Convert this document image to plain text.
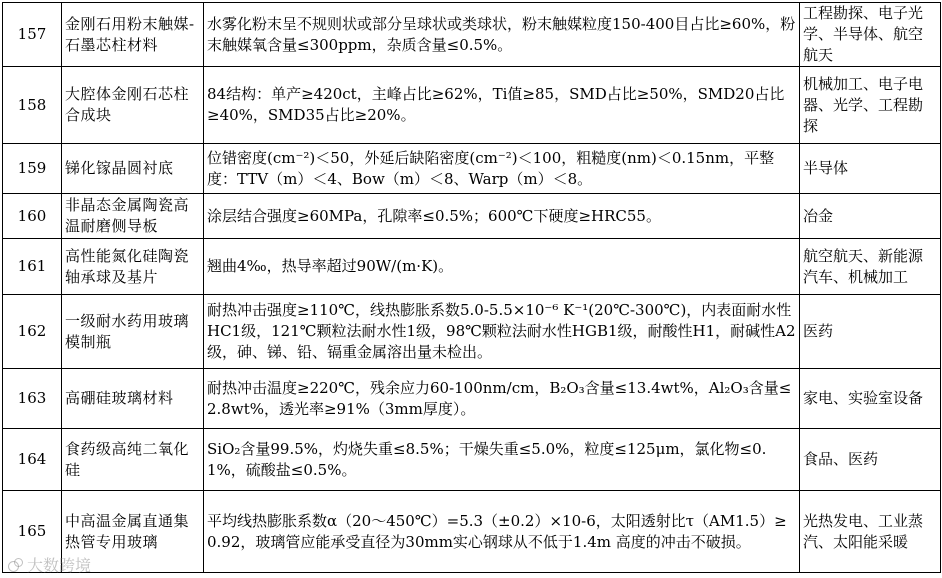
157	金刚石用粉末触媒-石墨芯柱材料	水雾化粉末呈不规则状或部分呈球状或类球状，粉末触媒粒度150-400目占比≥60%，粉末触媒氧含量≤300ppm，杂质含量≤0.5%。	工程勘探、电子光学、半导体、航空航天
158	大腔体金刚石芯柱合成块	84结构：单产≥420ct，主峰占比≥62%，Ti值≥85，SMD占比≥50%，SMD20占比≥40%，SMD35占比≥20%。	机械加工、电子电器、光学、工程勘探
159	锑化镓晶圆衬底	位错密度(cm⁻²)＜50，外延后缺陷密度(cm⁻²)＜100，粗糙度(nm)＜0.15nm，平整度：TTV（m）＜4、Bow（m）＜8、Warp（m）＜8。	半导体
160	非晶态金属陶瓷高温耐磨侧导板	涂层结合强度≥60MPa，孔隙率≤0.5%；600℃下硬度≥HRC55。	冶金
161	高性能氮化硅陶瓷轴承球及基片	翘曲4‰，热导率超过90W/(m·K)。	航空航天、新能源汽车、机械加工
162	一级耐水药用玻璃模制瓶	耐热冲击强度≥110℃，线热膨胀系数5.0-5.5×10⁻⁶ K⁻¹(20℃-300℃)，内表面耐水性HC1级，121℃颗粒法耐水性1级，98℃颗粒法耐水性HGB1级，耐酸性H1，耐碱性A2级，砷、锑、铅、镉重金属溶出量未检出。	医药
163	高硼硅玻璃材料	耐热冲击温度≥220℃，残余应力60-100nm/cm，B₂O₃含量≤13.4wt%，Al₂O₃含量≤2.8wt%，透光率≥91%（3mm厚度）。	家电、实验室设备
164	食药级高纯二氧化硅	SiO₂含量99.5%，灼烧失重≤8.5%；干燥失重≤5.0%，粒度≤125μm，氯化物≤0.1%，硫酸盐≤0.5%。	食品、医药
165	中高温金属直通集热管专用玻璃	平均线热膨胀系数α（20～450℃）=5.3（±0.2）×10-6，太阳透射比τ（AM1.5）≥0.92，玻璃管应能承受直径为30mm实心钢球从不低于1.4m 高度的冲击不破损。	光热发电、工业蒸汽、太阳能采暖
大数跨境
